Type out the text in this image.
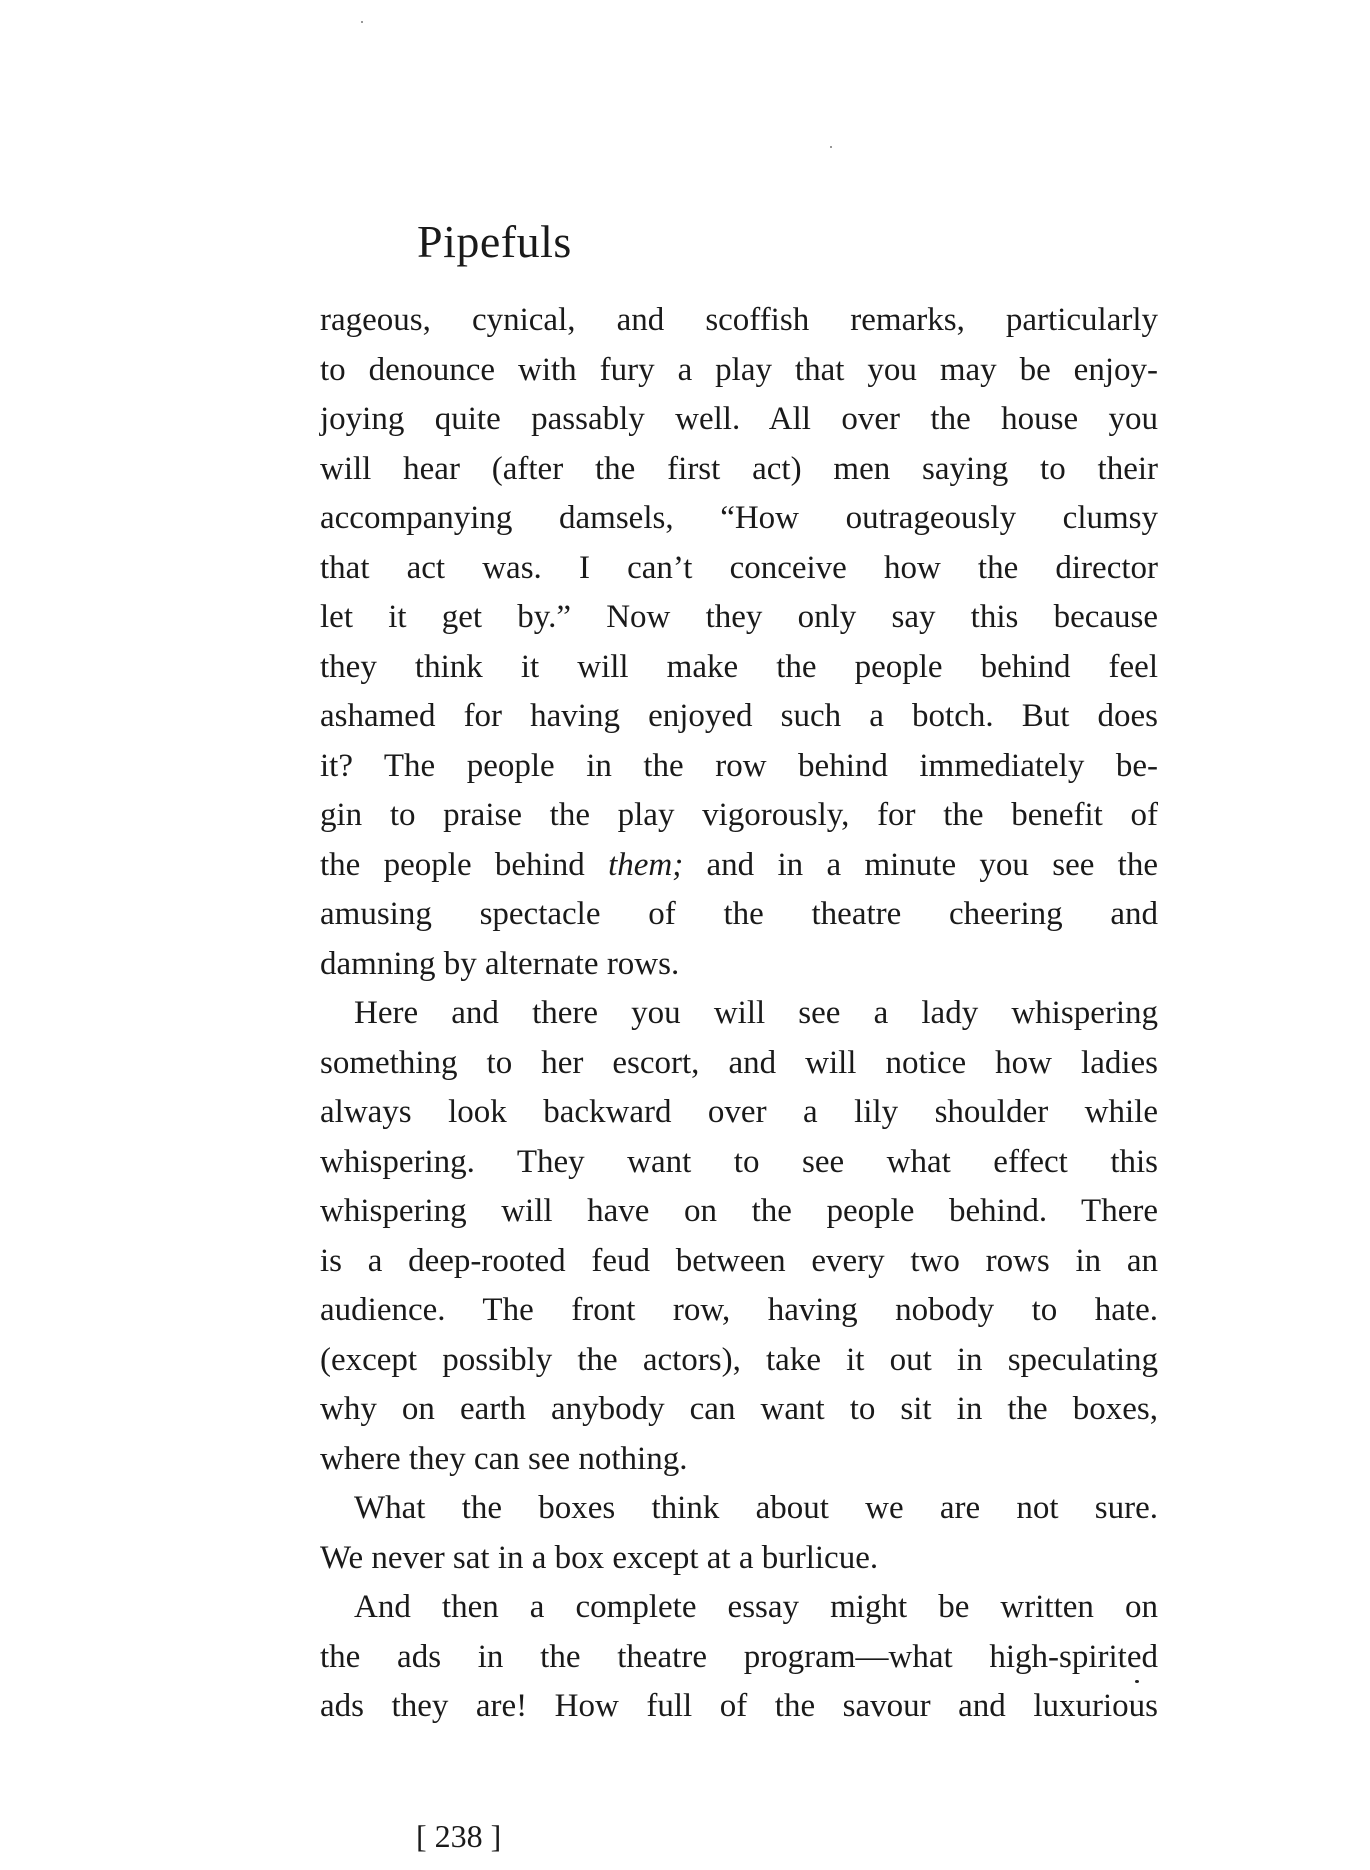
Pipefuls
rageous, cynical, and scoffish remarks, particularly
to denounce with fury a play that you may be enjoy-
joying quite passably well. All over the house you
will hear (after the first act) men saying to their
accompanying damsels, “How outrageously clumsy
that act was. I can’t conceive how the director
let it get by.” Now they only say this because
they think it will make the people behind feel
ashamed for having enjoyed such a botch. But does
it? The people in the row behind immediately be-
gin to praise the play vigorously, for the benefit of
the people behind them; and in a minute you see the
amusing spectacle of the theatre cheering and
damning by alternate rows.
Here and there you will see a lady whispering
something to her escort, and will notice how ladies
always look backward over a lily shoulder while
whispering. They want to see what effect this
whispering will have on the people behind. There
is a deep-rooted feud between every two rows in an
audience. The front row, having nobody to hate.
(except possibly the actors), take it out in speculating
why on earth anybody can want to sit in the boxes,
where they can see nothing.
What the boxes think about we are not sure.
We never sat in a box except at a burlicue.
And then a complete essay might be written on
the ads in the theatre program—what high-spirited
ads they are! How full of the savour and luxurious
[ 238 ]
